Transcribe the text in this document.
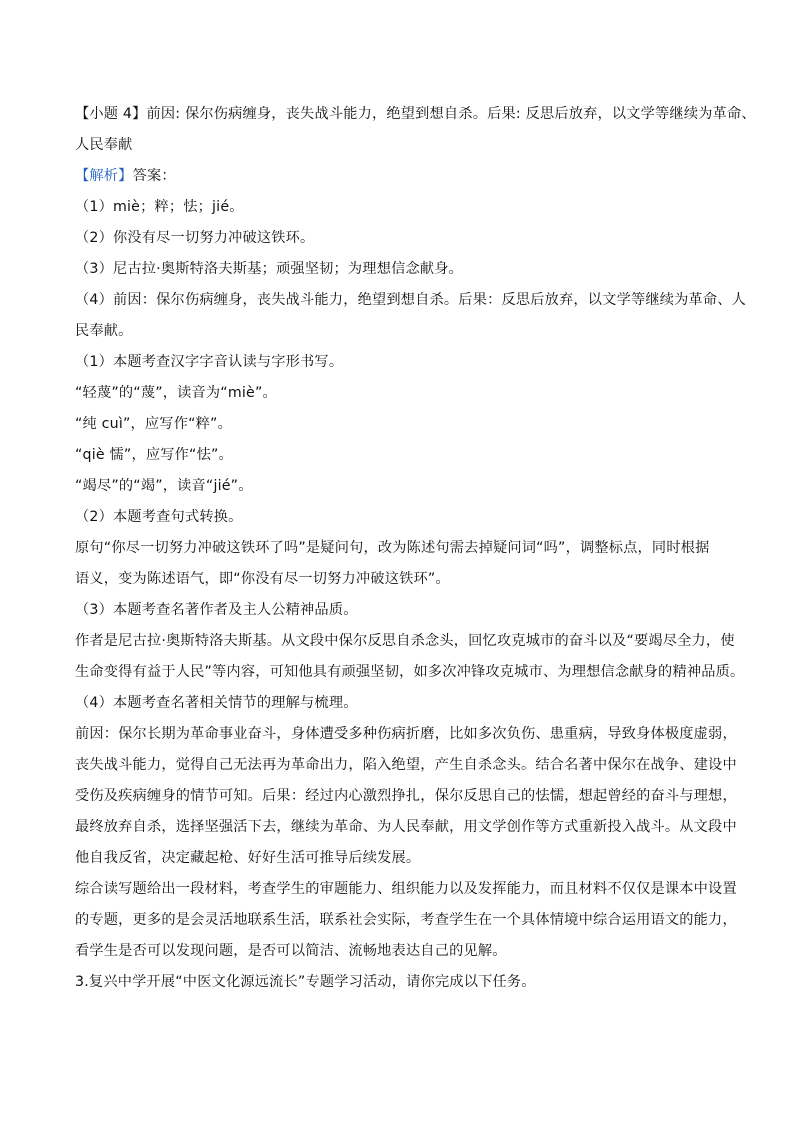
【小题 4】前因: 保尔伤病缠身，丧失战斗能力，绝望到想自杀。后果: 反思后放弃，以文学等继续为革命、
人民奉献
【解析】答案：
（1）miè；粹；怯；jié。
（2）你没有尽一切努力冲破这铁环。
（3）尼古拉·奥斯特洛夫斯基；顽强坚韧；为理想信念献身。
（4）前因：保尔伤病缠身，丧失战斗能力，绝望到想自杀。后果：反思后放弃，以文学等继续为革命、人
民奉献。
（1）本题考查汉字字音认读与字形书写。
“轻蔑”的“蔑”，读音为“miè”。
“纯 cuì”，应写作“粹”。
“qiè 懦”，应写作“怯”。
“竭尽”的“竭”，读音“jié”。
（2）本题考查句式转换。
原句“你尽一切努力冲破这铁环了吗”是疑问句，改为陈述句需去掉疑问词“吗”，调整标点，同时根据
语义，变为陈述语气，即“你没有尽一切努力冲破这铁环”。
（3）本题考查名著作者及主人公精神品质。
作者是尼古拉·奥斯特洛夫斯基。从文段中保尔反思自杀念头，回忆攻克城市的奋斗以及“要竭尽全力，使
生命变得有益于人民”等内容，可知他具有顽强坚韧，如多次冲锋攻克城市、为理想信念献身的精神品质。
（4）本题考查名著相关情节的理解与梳理。
前因：保尔长期为革命事业奋斗，身体遭受多种伤病折磨，比如多次负伤、患重病，导致身体极度虚弱，
丧失战斗能力，觉得自己无法再为革命出力，陷入绝望，产生自杀念头。结合名著中保尔在战争、建设中
受伤及疾病缠身的情节可知。后果：经过内心激烈挣扎，保尔反思自己的怯懦，想起曾经的奋斗与理想，
最终放弃自杀，选择坚强活下去，继续为革命、为人民奉献，用文学创作等方式重新投入战斗。从文段中
他自我反省，决定藏起枪、好好生活可推导后续发展。
综合读写题给出一段材料，考查学生的审题能力、组织能力以及发挥能力，而且材料不仅仅是课本中设置
的专题，更多的是会灵活地联系生活，联系社会实际，考查学生在一个具体情境中综合运用语文的能力，
看学生是否可以发现问题，是否可以简洁、流畅地表达自己的见解。
3.复兴中学开展“中医文化源远流长”专题学习活动，请你完成以下任务。
